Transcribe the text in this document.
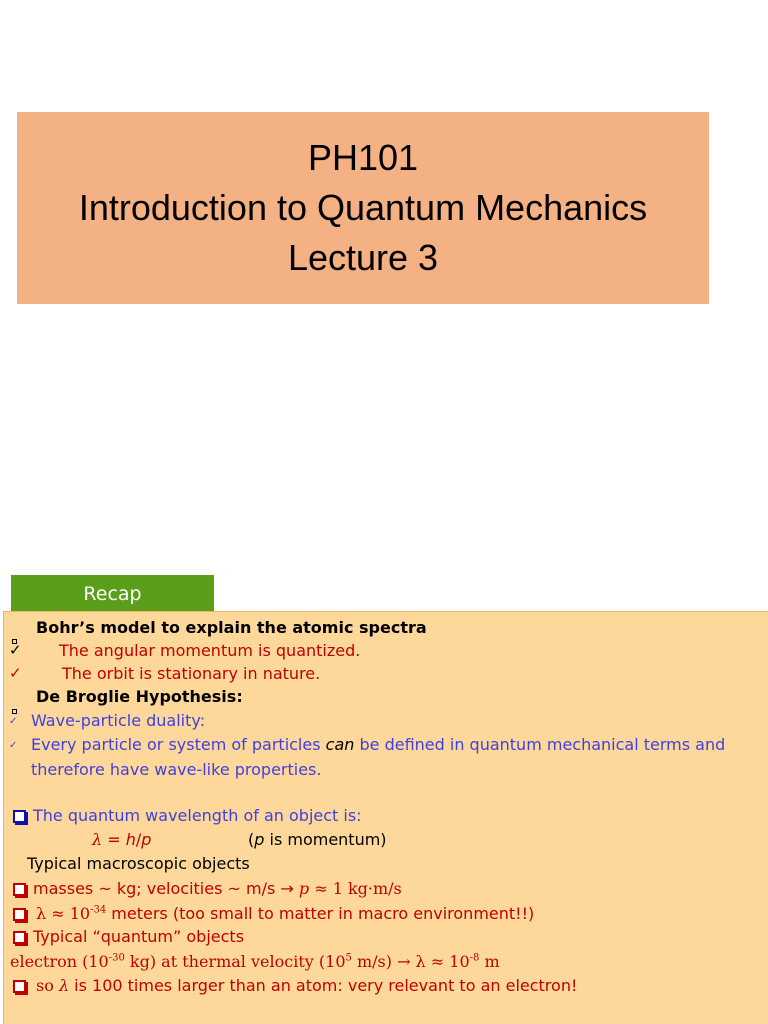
PH101
Introduction to Quantum Mechanics
Lecture 3
Recap
Bohr’s model to explain the atomic spectra
✓ The angular momentum is quantized.
✓	The orbit is stationary in nature.
De Broglie Hypothesis:
✓ Wave-particle duality:
✓ Every particle or system of particles can be defined in quantum mechanical terms and
therefore have wave-like properties.
The quantum wavelength of an object is:
λ = h/p	(p is momentum)
Typical macroscopic objects
masses ~ kg; velocities ~ m/s → p ≈ 1 kg·m/s
$\lambda \approx 10^{-34}$ meters (too small to matter in macro environment!!)
Typical “quantum” objects
electron ($10^{-30}$ kg) at thermal velocity ($10^5$ $m/s) \to \lambda \approx 10^{-8}$ m
so λ is 100 times larger than an atom: very relevant to an electron!
